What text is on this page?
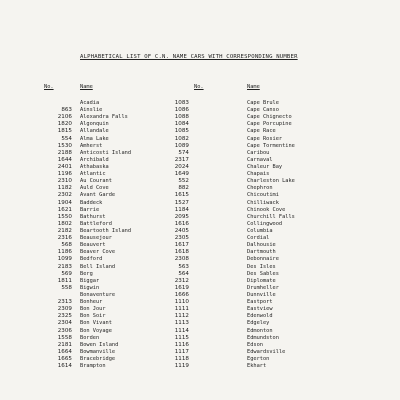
ALPHABETICAL LIST OF C.N. NAME CARS WITH CORRESPONDING NUMBER
No.	Name	No.	Name
Acadia	1083	Cape Brule
863 Ainslie	1086	Cape Canso
2106 Alexandra Falls	1088	Cape Chignecto
1820 Algonquin	1084	Cape Porcupine
1815 Allandale	1085	Cape Race
554 Alma Lake	1082	Cape Rosier
1530 Amherst	1089	Cape Tormentine
2188 Anticosti Island	574	Caribou
1644 Archibald	2317	Carnaval
2401 Athabaska	2024	Chaleur Bay
1196 Atlantic	1649	Chapais
2310 Au Courant	552	Charleston Lake
1182 Auld Cove	882	Chephron
2302 Avant Garde	1615	Chicoutimi
1904 Baddeck	1527	Chilliwack
1621 Barrie	1184	Chinook Cove
1550 Bathurst	2095	Churchill Falls
1802 Battleford	1616	Collingwood
2182 Beartooth Island	2405	Columbia
2316 Beausejour	2305	Cordial
568 Beauvert	1617	Dalhousie
1186 Beaver Cove	1618	Dartmouth
1099 Bedford	2308	Debonnaire
2183 Bell Island	563	Des Isles
569 Berg	564	Des Sables
1811 Biggar	2312	Diplomate
558 Bigwin	1619	Drumheller
Bonaventure	1666	Dunnville
2313 Bonheur	1110	Eastport
2309 Bon Jour	1111	Eastview
2325 Bon Soir	1112	Edenwold
2304 Bon Vivant	1113	Edgeley
2306 Bon Voyage	1114	Edmonton
1558 Borden	1115	Edmundston
2181 Bowen Island	1116	Edson
1664 Bowmanville	1117	Edwardsville
1665 Bracebridge	1118	Egerton
1614 Brampton	1119	Ekhart
